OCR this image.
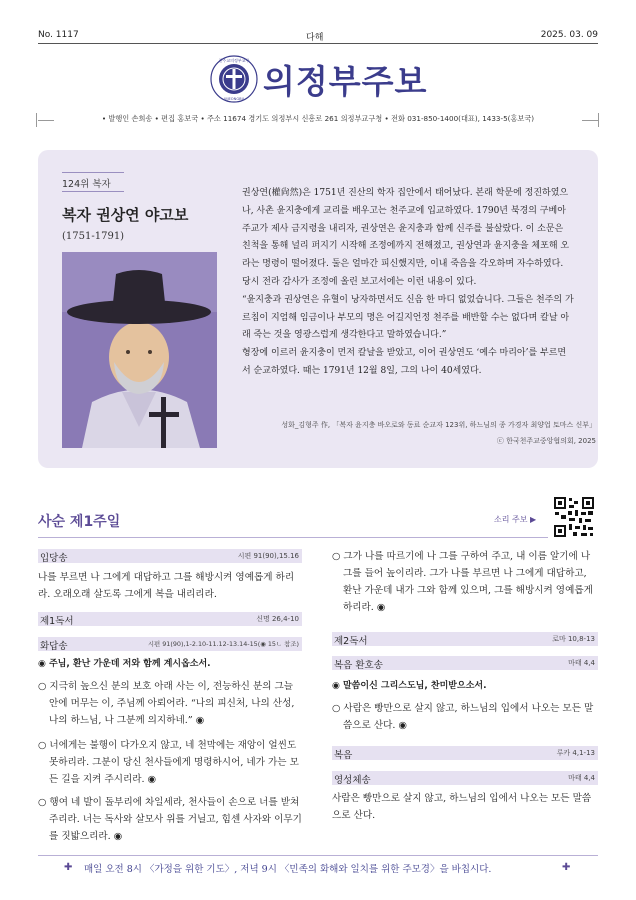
No. 1117	다해	2025. 03. 09
천주교의정부교구
UIJEONGBU 의정부주보
• 발행인 손희송 • 편집 홍보국 • 주소 11674 경기도 의정부시 신흥로 261 의정부교구청 • 전화 031-850-1400(대표), 1433-5(홍보국)
124위 복자
복자 권상연 야고보
(1751-1791)

권상연(權尙然)은 1751년 진산의 학자 집안에서 태어났다. 본래 학문에 정진하였으나, 사촌 윤지충에게 교리를 배우고는 천주교에 입교하였다. 1790년 북경의 구베아 주교가 제사 금지령을 내리자, 권상연은 윤지충과 함께 신주를 불살랐다. 이 소문은 친척을 통해 널리 퍼지기 시작해 조정에까지 전해졌고, 권상연과 윤지충을 체포해 오라는 명령이 떨어졌다. 둘은 얼마간 피신했지만, 이내 죽음을 각오하며 자수하였다. 당시 전라 감사가 조정에 올린 보고서에는 이런 내용이 있다.

“윤지충과 권상연은 유혈이 낭자하면서도 신음 한 마디 없었습니다. 그들은 천주의 가르침이 지엄해 임금이나 부모의 명은 어길지언정 천주를 배반할 수는 없다며 칼날 아래 죽는 것을 영광스럽게 생각한다고 말하였습니다.”

형장에 이르러 윤지충이 먼저 칼날을 받았고, 이어 권상연도 ‘예수 마리아’를 부르면서 순교하였다. 때는 1791년 12월 8일, 그의 나이 40세였다.

성화_김형주 作, 「복자 윤지충 바오로와 동료 순교자 123위, 하느님의 종 가경자 최양업 토마스 신부」
ⓒ 한국천주교중앙협의회, 2025
사순 제1주일	소리 주보 ▶
입당송	시편 91(90),15.16
나를 부르면 나 그에게 대답하고 그를 해방시켜 영예롭게 하리라. 오래오래 살도록 그에게 복을 내리리라.
제1독서	신명 26,4-10
화답송	시편 91(90),1-2.10-11.12-13.14-15(◉ 15ㄴ 참조)
◉ 주님, 환난 가운데 저와 함께 계시옵소서.
○ 지극히 높으신 분의 보호 아래 사는 이, 전능하신 분의 그늘 안에 머무는 이, 주님께 아뢰어라. “나의 피신처, 나의 산성, 나의 하느님, 나 그분께 의지하네.” ◉
○ 너에게는 불행이 다가오지 않고, 네 천막에는 재앙이 얼씬도 못하리라. 그분이 당신 천사들에게 명령하시어, 네가 가는 모든 길을 지켜 주시리라. ◉
○ 행여 네 발이 돌부리에 차일세라, 천사들이 손으로 너를 받쳐 주리라. 너는 독사와 살모사 위를 거닐고, 힘센 사자와 이무기를 짓밟으리라. ◉
○ 그가 나를 따르기에 나 그를 구하여 주고, 내 이름 알기에 나 그를 들어 높이리라. 그가 나를 부르면 나 그에게 대답하고, 환난 가운데 내가 그와 함께 있으며, 그를 해방시켜 영예롭게 하리라. ◉
제2독서	로마 10,8-13
복음 환호송	마태 4,4
◉ 말씀이신 그리스도님, 찬미받으소서.
○ 사람은 빵만으로 살지 않고, 하느님의 입에서 나오는 모든 말씀으로 산다. ◉
복음	루카 4,1-13
영성체송	마태 4,4
사람은 빵만으로 살지 않고, 하느님의 입에서 나오는 모든 말씀으로 산다.
✚ 매일 오전 8시 〈가정을 위한 기도〉, 저녁 9시 〈민족의 화해와 일치를 위한 주모경〉을 바칩시다.	✚
